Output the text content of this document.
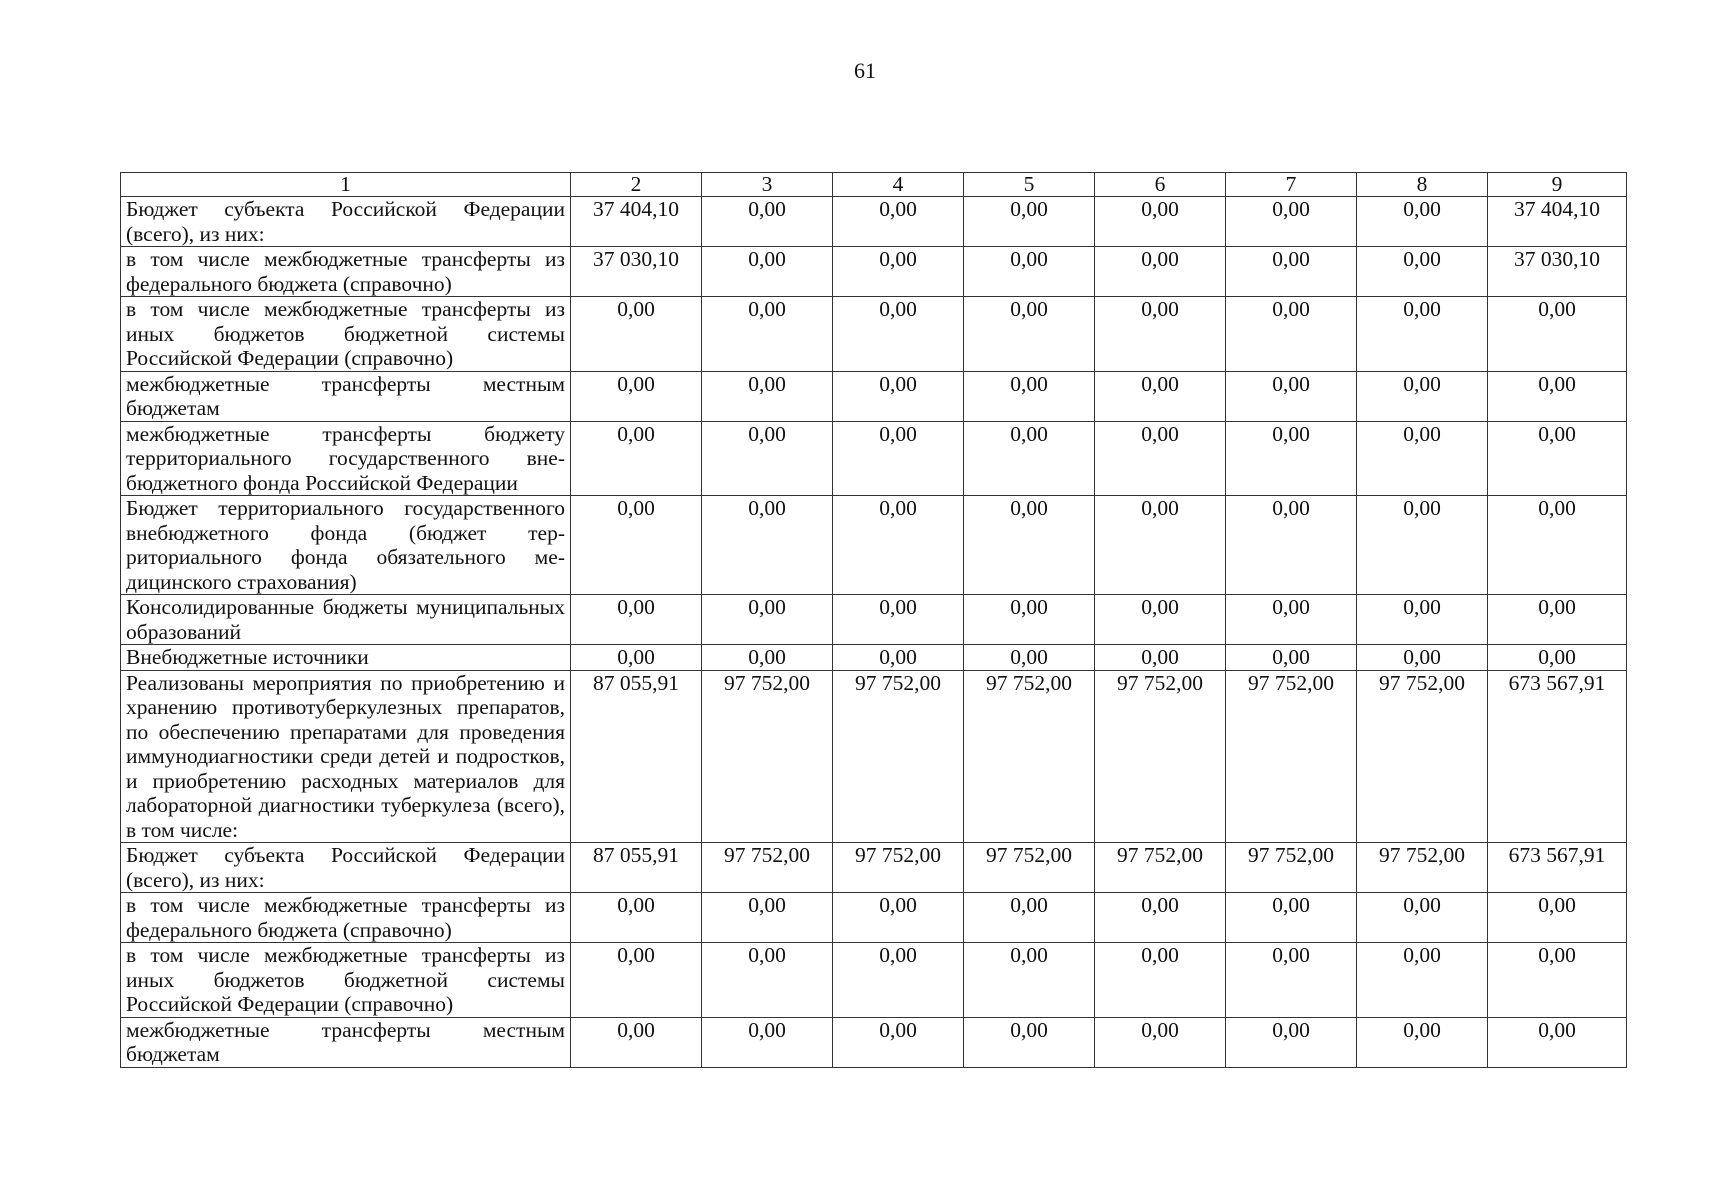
61
1	2	3	4	5	6	7	8	9
Бюджет субъекта Российской Федерации (всего), из них:	37 404,10	0,00	0,00	0,00	0,00	0,00	0,00	37 404,10
в том числе межбюджетные трансферты из федерального бюджета (справочно)	37 030,10	0,00	0,00	0,00	0,00	0,00	0,00	37 030,10
в том числе межбюджетные трансферты из иных бюджетов бюджетной системы Российской Федерации (справочно)	0,00	0,00	0,00	0,00	0,00	0,00	0,00	0,00
межбюджетные трансферты местным бюджетам	0,00	0,00	0,00	0,00	0,00	0,00	0,00	0,00
межбюджетные трансферты бюджету территориального государственного внебюджетного фонда Российской Федерации	0,00	0,00	0,00	0,00	0,00	0,00	0,00	0,00
Бюджет территориального государственного внебюджетного фонда (бюджет территориального фонда обязательного медицинского страхования)	0,00	0,00	0,00	0,00	0,00	0,00	0,00	0,00
Консолидированные бюджеты муниципальных образований	0,00	0,00	0,00	0,00	0,00	0,00	0,00	0,00
Внебюджетные источники	0,00	0,00	0,00	0,00	0,00	0,00	0,00	0,00
Реализованы мероприятия по приобретению и хранению противотуберкулезных препаратов, по обеспечению препаратами для проведения иммунодиагностики среди детей и подростков, и приобретению расходных материалов для лабораторной диагностики туберкулеза (всего), в том числе:	87 055,91	97 752,00	97 752,00	97 752,00	97 752,00	97 752,00	97 752,00	673 567,91
Бюджет субъекта Российской Федерации (всего), из них:	87 055,91	97 752,00	97 752,00	97 752,00	97 752,00	97 752,00	97 752,00	673 567,91
в том числе межбюджетные трансферты из федерального бюджета (справочно)	0,00	0,00	0,00	0,00	0,00	0,00	0,00	0,00
в том числе межбюджетные трансферты из иных бюджетов бюджетной системы Российской Федерации (справочно)	0,00	0,00	0,00	0,00	0,00	0,00	0,00	0,00
межбюджетные трансферты местным бюджетам	0,00	0,00	0,00	0,00	0,00	0,00	0,00	0,00
